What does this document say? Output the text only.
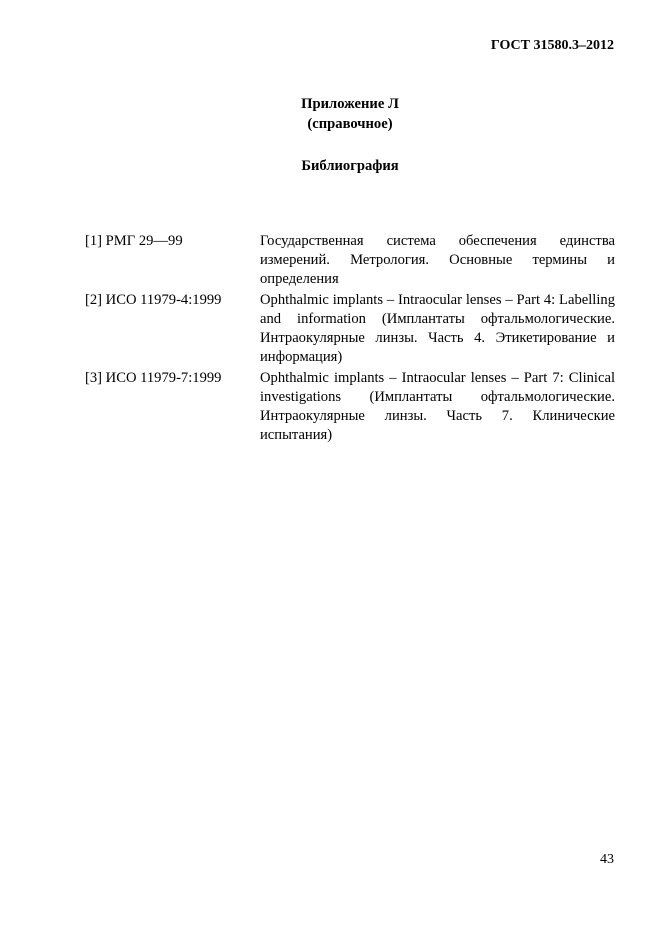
ГОСТ 31580.3–2012
Приложение Л
(справочное)
Библиография
[1] РМГ 29—99	Государственная система обеспечения единства измерений. Метрология. Основные термины и определения
[2] ИСО 11979-4:1999	Ophthalmic implants – Intraocular lenses – Part 4: Labelling and information (Имплантаты офтальмологические. Интраокулярные линзы. Часть 4. Этикетирование и информация)
[3] ИСО 11979-7:1999	Ophthalmic implants – Intraocular lenses – Part 7: Clinical investigations (Имплантаты офтальмологические. Интраокулярные линзы. Часть 7. Клинические испытания)
43
